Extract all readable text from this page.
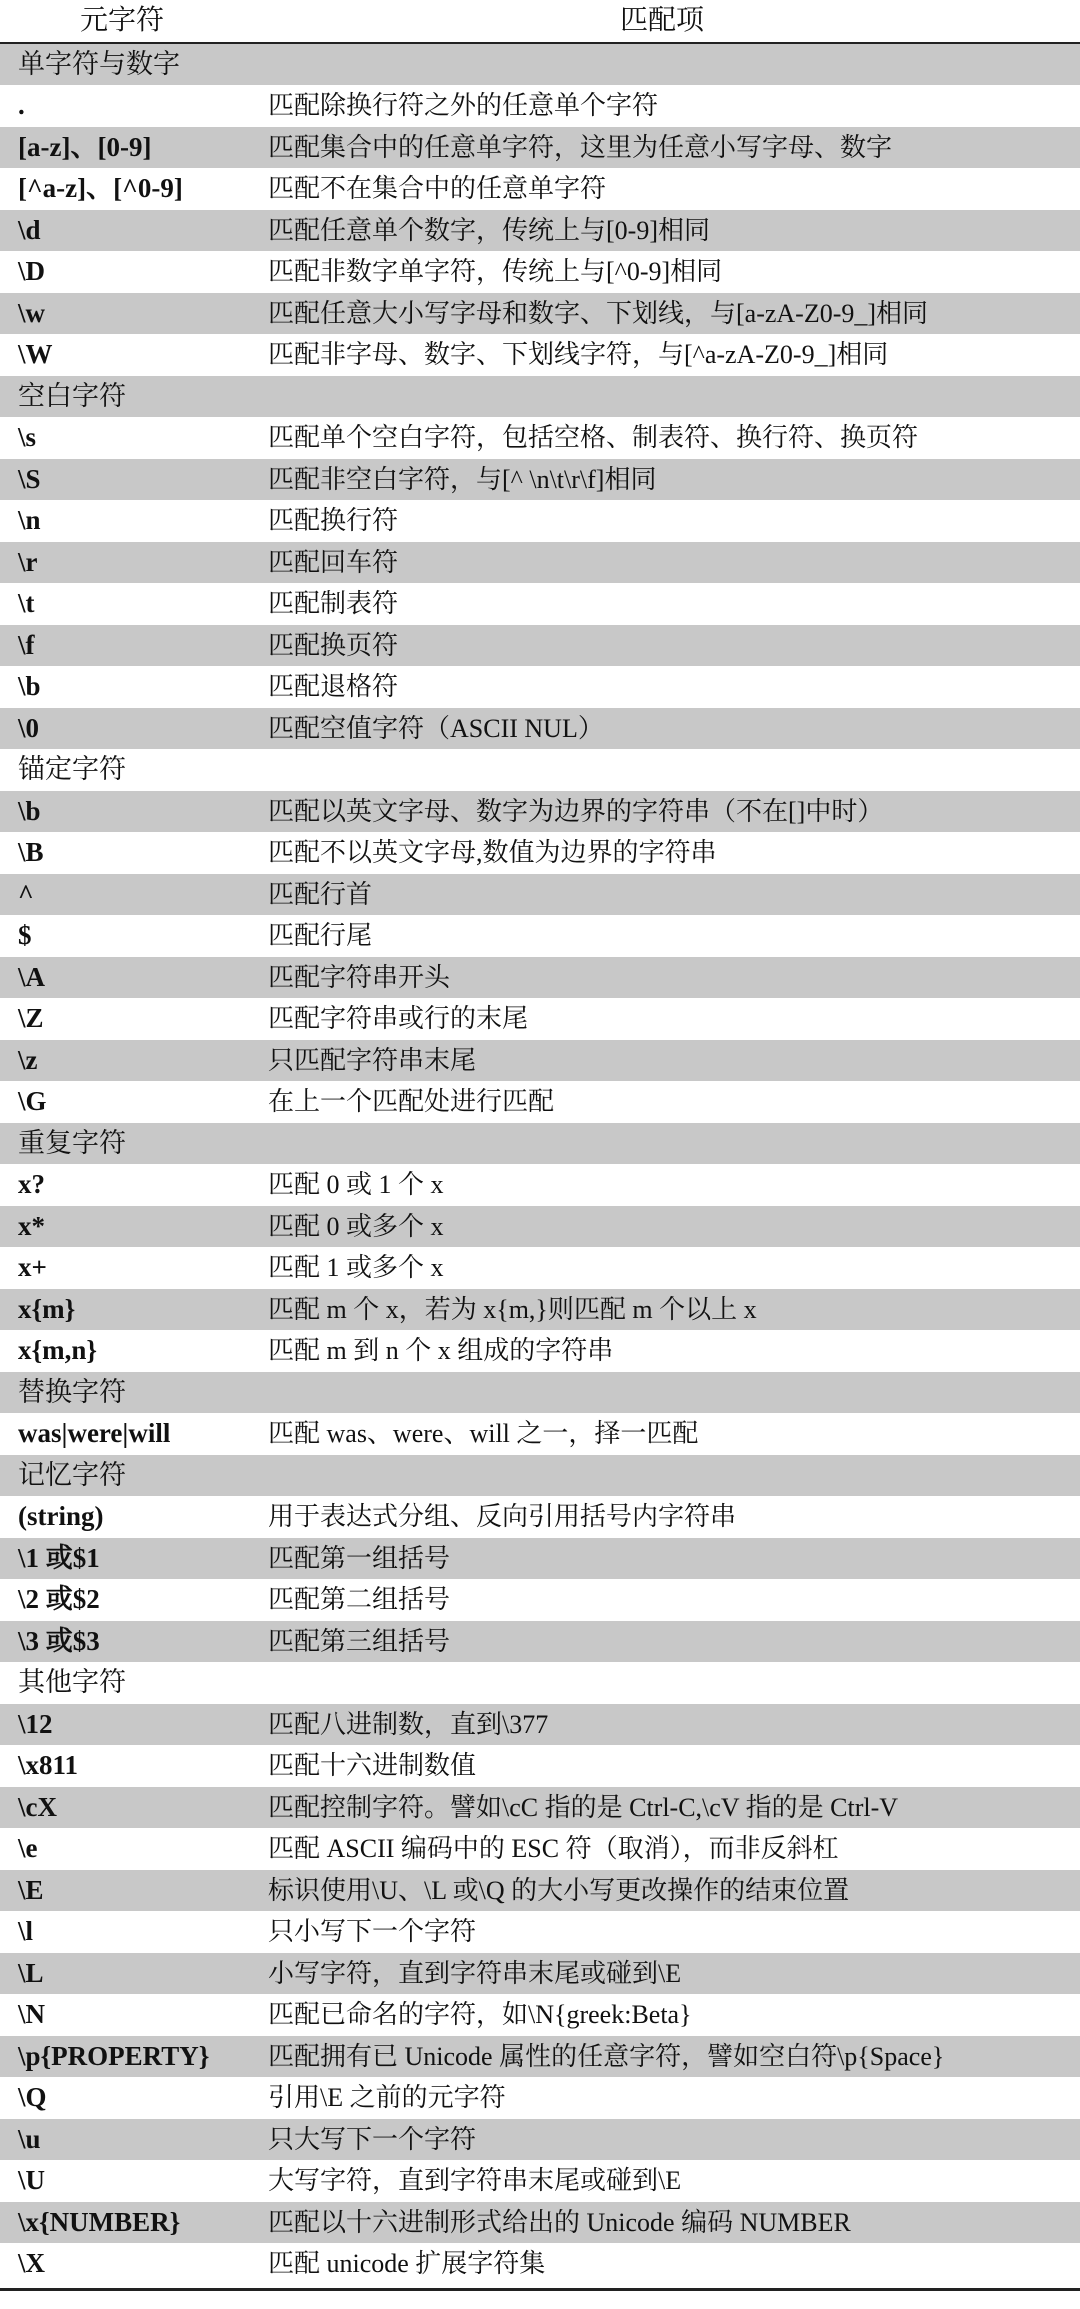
元字符	匹配项
单字符与数字	
.	匹配除换行符之外的任意单个字符
[a-z]、[0-9]	匹配集合中的任意单字符，这里为任意小写字母、数字
[^a-z]、[^0-9]	匹配不在集合中的任意单字符
\d	匹配任意单个数字，传统上与[0-9]相同
\D	匹配非数字单字符，传统上与[^0-9]相同
\w	匹配任意大小写字母和数字、下划线，与[a-zA-Z0-9_]相同
\W	匹配非字母、数字、下划线字符，与[^a-zA-Z0-9_]相同
空白字符	
\s	匹配单个空白字符，包括空格、制表符、换行符、换页符
\S	匹配非空白字符，与[^ \n\t\r\f]相同
\n	匹配换行符
\r	匹配回车符
\t	匹配制表符
\f	匹配换页符
\b	匹配退格符
\0	匹配空值字符（ASCII NUL）
锚定字符	
\b	匹配以英文字母、数字为边界的字符串（不在[]中时）
\B	匹配不以英文字母,数值为边界的字符串
^	匹配行首
$	匹配行尾
\A	匹配字符串开头
\Z	匹配字符串或行的末尾
\z	只匹配字符串末尾
\G	在上一个匹配处进行匹配
重复字符	
x?	匹配 0 或 1 个 x
x*	匹配 0 或多个 x
x+	匹配 1 或多个 x
x{m}	匹配 m 个 x，若为 x{m,}则匹配 m 个以上 x
x{m,n}	匹配 m 到 n 个 x 组成的字符串
替换字符	
was|were|will	匹配 was、were、will 之一，择一匹配
记忆字符	
(string)	用于表达式分组、反向引用括号内字符串
\1 或$1	匹配第一组括号
\2 或$2	匹配第二组括号
\3 或$3	匹配第三组括号
其他字符	
\12	匹配八进制数，直到\377
\x811	匹配十六进制数值
\cX	匹配控制字符。譬如\cC 指的是 Ctrl-C,\cV 指的是 Ctrl-V
\e	匹配 ASCII 编码中的 ESC 符（取消），而非反斜杠
\E	标识使用\U、\L 或\Q 的大小写更改操作的结束位置
\l	只小写下一个字符
\L	小写字符，直到字符串末尾或碰到\E
\N	匹配已命名的字符，如\N{greek:Beta}
\p{PROPERTY}	匹配拥有已 Unicode 属性的任意字符，譬如空白符\p{Space}
\Q	引用\E 之前的元字符
\u	只大写下一个字符
\U	大写字符，直到字符串末尾或碰到\E
\x{NUMBER}	匹配以十六进制形式给出的 Unicode 编码 NUMBER
\X	匹配 unicode 扩展字符集
